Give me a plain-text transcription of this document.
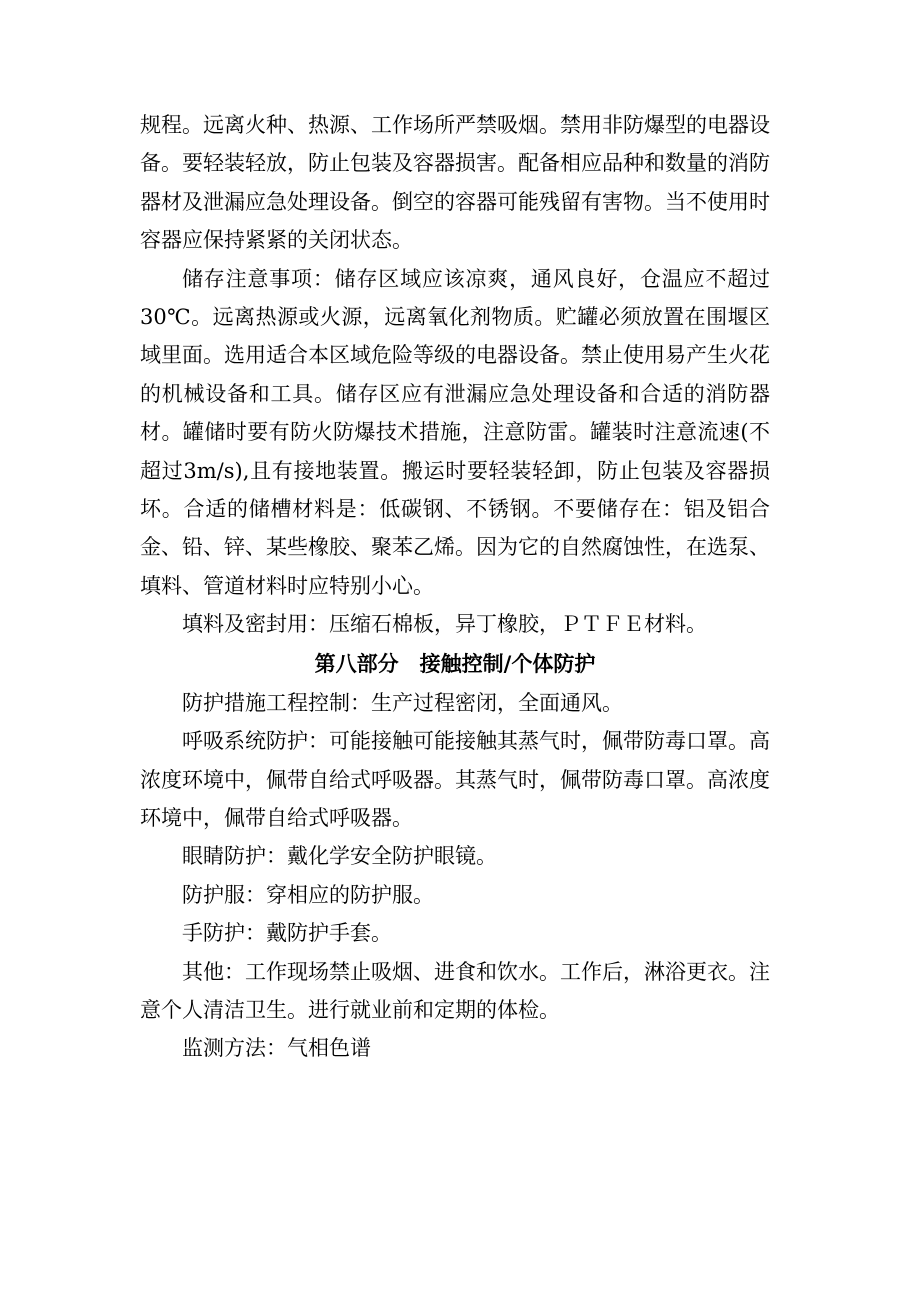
规程。远离火种、热源、工作场所严禁吸烟。禁用非防爆型的电器设备。要轻装轻放，防止包装及容器损害。配备相应品种和数量的消防器材及泄漏应急处理设备。倒空的容器可能残留有害物。当不使用时容器应保持紧紧的关闭状态。

储存注意事项：储存区域应该凉爽，通风良好，仓温应不超过30℃。远离热源或火源，远离氧化剂物质。贮罐必须放置在围堰区域里面。选用适合本区域危险等级的电器设备。禁止使用易产生火花的机械设备和工具。储存区应有泄漏应急处理设备和合适的消防器材。罐储时要有防火防爆技术措施，注意防雷。罐装时注意流速(不超过3m/s),且有接地装置。搬运时要轻装轻卸，防止包装及容器损坏。合适的储槽材料是：低碳钢、不锈钢。不要储存在：铝及铝合金、铅、锌、某些橡胶、聚苯乙烯。因为它的自然腐蚀性，在选泵、填料、管道材料时应特别小心。

填料及密封用：压缩石棉板，异丁橡胶，ＰＴＦＥ材料。

第八部分　接触控制/个体防护

防护措施工程控制：生产过程密闭，全面通风。

呼吸系统防护：可能接触可能接触其蒸气时，佩带防毒口罩。高浓度环境中，佩带自给式呼吸器。其蒸气时，佩带防毒口罩。高浓度环境中，佩带自给式呼吸器。

眼睛防护：戴化学安全防护眼镜。

防护服：穿相应的防护服。

手防护：戴防护手套。

其他：工作现场禁止吸烟、进食和饮水。工作后，淋浴更衣。注意个人清洁卫生。进行就业前和定期的体检。

监测方法：气相色谱
